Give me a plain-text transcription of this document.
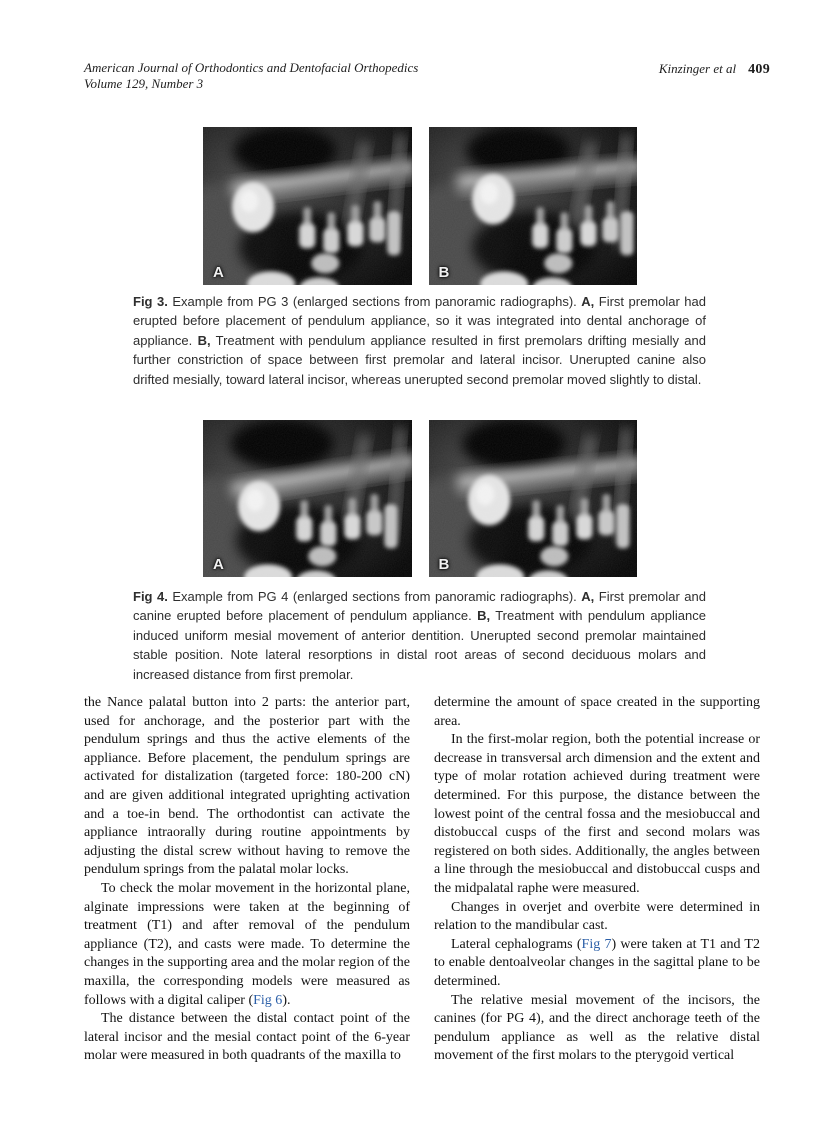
American Journal of Orthodontics and Dentofacial Orthopedics
Volume 129, Number 3
Kinzinger et al 409
A	B
Fig 3. Example from PG 3 (enlarged sections from panoramic radiographs). A, First premolar had erupted before placement of pendulum appliance, so it was integrated into dental anchorage of appliance. B, Treatment with pendulum appliance resulted in first premolars drifting mesially and further constriction of space between first premolar and lateral incisor. Unerupted canine also drifted mesially, toward lateral incisor, whereas unerupted second premolar moved slightly to distal.
A	B
Fig 4. Example from PG 4 (enlarged sections from panoramic radiographs). A, First premolar and canine erupted before placement of pendulum appliance. B, Treatment with pendulum appliance induced uniform mesial movement of anterior dentition. Unerupted second premolar maintained stable position. Note lateral resorptions in distal root areas of second deciduous molars and increased distance from first premolar.

the Nance palatal button into 2 parts: the anterior part, used for anchorage, and the posterior part with the pendulum springs and thus the active elements of the appliance. Before placement, the pendulum springs are activated for distalization (targeted force: 180-200 cN) and are given additional integrated uprighting activation and a toe-in bend. The orthodontist can activate the appliance intraorally during routine appointments by adjusting the distal screw without having to remove the pendulum springs from the palatal molar locks.

To check the molar movement in the horizontal plane, alginate impressions were taken at the beginning of treatment (T1) and after removal of the pendulum appliance (T2), and casts were made. To determine the changes in the supporting area and the molar region of the maxilla, the corresponding models were measured as follows with a digital caliper (Fig 6).

The distance between the distal contact point of the lateral incisor and the mesial contact point of the 6-year molar were measured in both quadrants of the maxilla to

determine the amount of space created in the supporting area.

In the first-molar region, both the potential increase or decrease in transversal arch dimension and the extent and type of molar rotation achieved during treatment were determined. For this purpose, the distance between the lowest point of the central fossa and the mesiobuccal and distobuccal cusps of the first and second molars was registered on both sides. Additionally, the angles between a line through the mesiobuccal and distobuccal cusps and the midpalatal raphe were measured.

Changes in overjet and overbite were determined in relation to the mandibular cast.

Lateral cephalograms (Fig 7) were taken at T1 and T2 to enable dentoalveolar changes in the sagittal plane to be determined.

The relative mesial movement of the incisors, the canines (for PG 4), and the direct anchorage teeth of the pendulum appliance as well as the relative distal movement of the first molars to the pterygoid vertical
